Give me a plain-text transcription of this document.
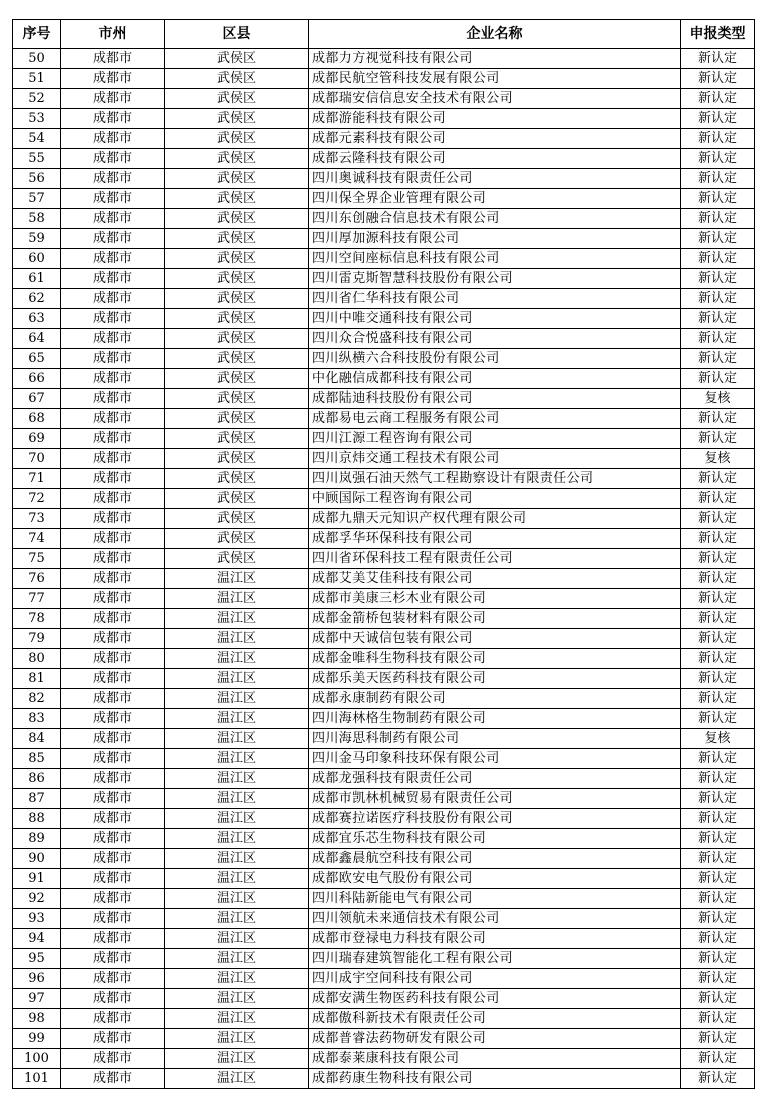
序号	市州	区县	企业名称	申报类型
50	成都市	武侯区	成都力方视觉科技有限公司	新认定
51	成都市	武侯区	成都民航空管科技发展有限公司	新认定
52	成都市	武侯区	成都瑞安信信息安全技术有限公司	新认定
53	成都市	武侯区	成都游能科技有限公司	新认定
54	成都市	武侯区	成都元素科技有限公司	新认定
55	成都市	武侯区	成都云隆科技有限公司	新认定
56	成都市	武侯区	四川奥诚科技有限责任公司	新认定
57	成都市	武侯区	四川保全界企业管理有限公司	新认定
58	成都市	武侯区	四川东创融合信息技术有限公司	新认定
59	成都市	武侯区	四川厚加源科技有限公司	新认定
60	成都市	武侯区	四川空间座标信息科技有限公司	新认定
61	成都市	武侯区	四川雷克斯智慧科技股份有限公司	新认定
62	成都市	武侯区	四川省仁华科技有限公司	新认定
63	成都市	武侯区	四川中唯交通科技有限公司	新认定
64	成都市	武侯区	四川众合悦盛科技有限公司	新认定
65	成都市	武侯区	四川纵横六合科技股份有限公司	新认定
66	成都市	武侯区	中化融信成都科技有限公司	新认定
67	成都市	武侯区	成都陆迪科技股份有限公司	复核
68	成都市	武侯区	成都易电云商工程服务有限公司	新认定
69	成都市	武侯区	四川江源工程咨询有限公司	新认定
70	成都市	武侯区	四川京炜交通工程技术有限公司	复核
71	成都市	武侯区	四川岚强石油天然气工程勘察设计有限责任公司	新认定
72	成都市	武侯区	中顾国际工程咨询有限公司	新认定
73	成都市	武侯区	成都九鼎天元知识产权代理有限公司	新认定
74	成都市	武侯区	成都孚华环保科技有限公司	新认定
75	成都市	武侯区	四川省环保科技工程有限责任公司	新认定
76	成都市	温江区	成都艾美艾佳科技有限公司	新认定
77	成都市	温江区	成都市美康三杉木业有限公司	新认定
78	成都市	温江区	成都金箭桥包装材料有限公司	新认定
79	成都市	温江区	成都中天诚信包装有限公司	新认定
80	成都市	温江区	成都金唯科生物科技有限公司	新认定
81	成都市	温江区	成都乐美天医药科技有限公司	新认定
82	成都市	温江区	成都永康制药有限公司	新认定
83	成都市	温江区	四川海林格生物制药有限公司	新认定
84	成都市	温江区	四川海思科制药有限公司	复核
85	成都市	温江区	四川金马印象科技环保有限公司	新认定
86	成都市	温江区	成都龙强科技有限责任公司	新认定
87	成都市	温江区	成都市凯林机械贸易有限责任公司	新认定
88	成都市	温江区	成都赛拉诺医疗科技股份有限公司	新认定
89	成都市	温江区	成都宜乐芯生物科技有限公司	新认定
90	成都市	温江区	成都鑫晨航空科技有限公司	新认定
91	成都市	温江区	成都欧安电气股份有限公司	新认定
92	成都市	温江区	四川科陆新能电气有限公司	新认定
93	成都市	温江区	四川领航未来通信技术有限公司	新认定
94	成都市	温江区	成都市登禄电力科技有限公司	新认定
95	成都市	温江区	四川瑞春建筑智能化工程有限公司	新认定
96	成都市	温江区	四川成宇空间科技有限公司	新认定
97	成都市	温江区	成都安满生物医药科技有限公司	新认定
98	成都市	温江区	成都傲科新技术有限责任公司	新认定
99	成都市	温江区	成都普睿法药物研发有限公司	新认定
100	成都市	温江区	成都泰莱康科技有限公司	新认定
101	成都市	温江区	成都药康生物科技有限公司	新认定
